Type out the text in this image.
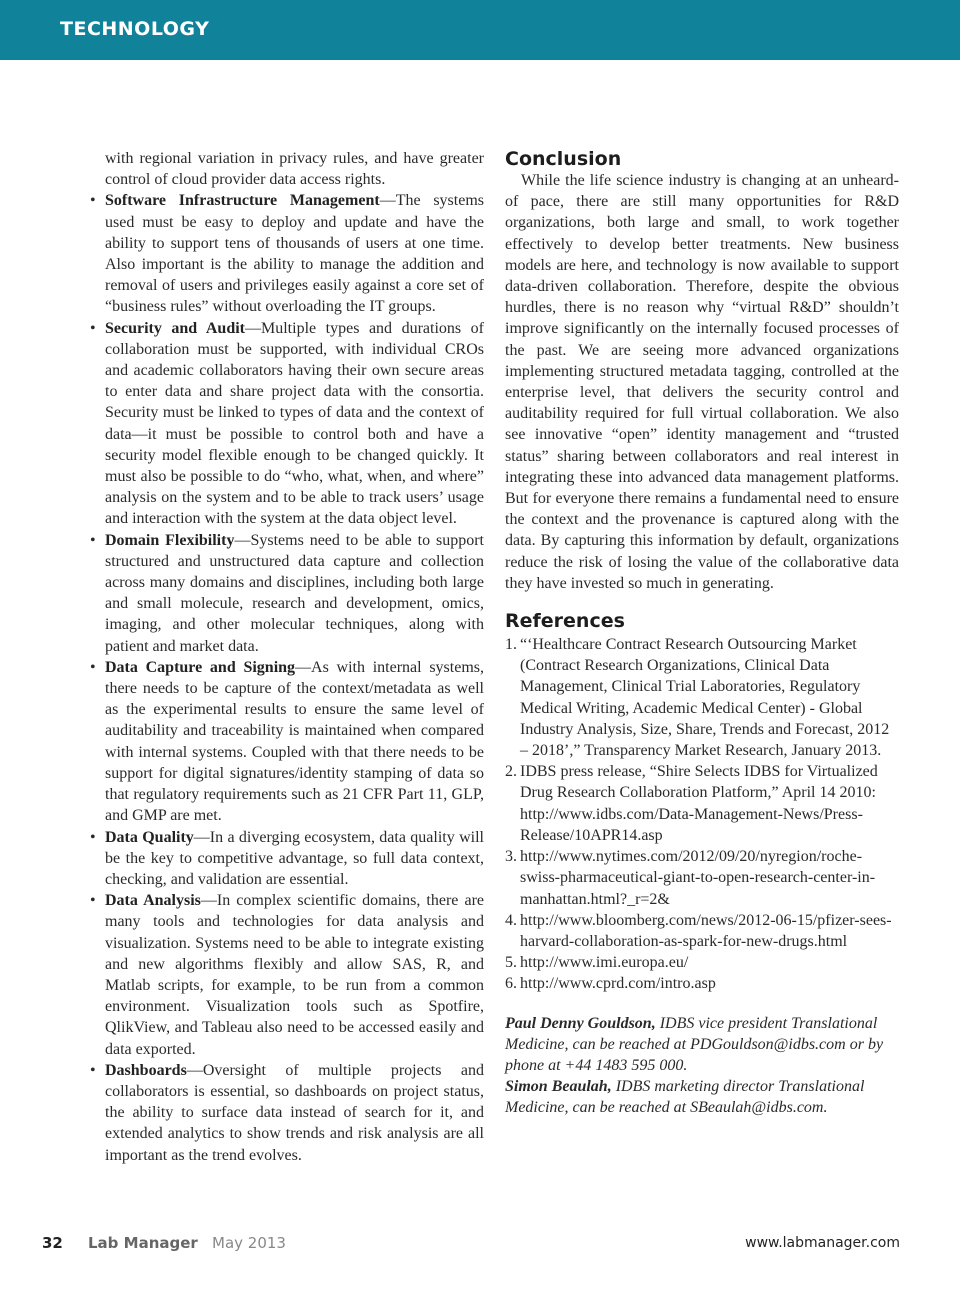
TECHNOLOGY

with regional variation in privacy rules, and have greater control of cloud provider data access rights.

• Software Infrastructure Management—The systems used must be easy to deploy and update and have the ability to support tens of thousands of users at one time. Also important is the ability to manage the addition and removal of users and privileges easily against a core set of “business rules” without overloading the IT groups.
• Security and Audit—Multiple types and durations of collaboration must be supported, with individual CROs and academic collaborators having their own secure areas to enter data and share project data with the consortia. Security must be linked to types of data and the context of data—it must be possible to control both and have a security model flexible enough to be changed quickly. It must also be possible to do “who, what, when, and where” analysis on the system and to be able to track users’ usage and interaction with the system at the data object level.
• Domain Flexibility—Systems need to be able to support structured and unstructured data capture and collection across many domains and disciplines, including both large and small molecule, research and development, omics, imaging, and other molecular techniques, along with patient and market data.
• Data Capture and Signing—As with internal systems, there needs to be capture of the context/metadata as well as the experimental results to ensure the same level of auditability and traceability is maintained when compared with internal systems. Coupled with that there needs to be support for digital signatures/identity stamping of data so that regulatory requirements such as 21 CFR Part 11, GLP, and GMP are met.
• Data Quality—In a diverging ecosystem, data quality will be the key to competitive advantage, so full data context, checking, and validation are essential.
• Data Analysis—In complex scientific domains, there are many tools and technologies for data analysis and visualization. Systems need to be able to integrate existing and new algorithms flexibly and allow SAS, R, and Matlab scripts, for example, to be run from a common environment. Visualization tools such as Spotfire, QlikView, and Tableau also need to be accessed easily and data exported.
• Dashboards—Oversight of multiple projects and collaborators is essential, so dashboards on project status, the ability to surface data instead of search for it, and extended analytics to show trends and risk analysis are all important as the trend evolves.
Conclusion

While the life science industry is changing at an unheard-of pace, there are still many opportunities for R&D organizations, both large and small, to work together effectively to develop better treatments. New business models are here, and technology is now available to support data-driven collaboration. Therefore, despite the obvious hurdles, there is no reason why “virtual R&D” shouldn’t improve significantly on the internally focused processes of the past. We are seeing more advanced organizations implementing structured metadata tagging, controlled at the enterprise level, that delivers the security control and auditability required for full virtual collaboration. We also see innovative “open” identity management and “trusted status” sharing between collaborators and real interest in integrating these into advanced data management platforms. But for everyone there remains a fundamental need to ensure the context and the provenance is captured along with the data. By capturing this information by default, organizations reduce the risk of losing the value of the collaborative data they have invested so much in generating.

References
1. “‘Healthcare Contract Research Outsourcing Market (Contract Research Organizations, Clinical Data Management, Clinical Trial Laboratories, Regulatory Medical Writing, Academic Medical Center) - Global Industry Analysis, Size, Share, Trends and Forecast, 2012 – 2018’,” Transparency Market Research, January 2013.
2. IDBS press release, “Shire Selects IDBS for Virtualized Drug Research Collaboration Platform,” April 14 2010: http://www.idbs.com/Data-Management-News/Press-Release/10APR14.asp
3. http://www.nytimes.com/2012/09/20/nyregion/roche-swiss-pharmaceutical-giant-to-open-research-center-in-manhattan.html?_r=2&
4. http://www.bloomberg.com/news/2012-06-15/pfizer-sees-harvard-collaboration-as-spark-for-new-drugs.html
5. http://www.imi.europa.eu/
6. http://www.cprd.com/intro.asp

Paul Denny Gouldson, IDBS vice president Translational Medicine, can be reached at PDGouldson@idbs.com or by phone at +44 1483 595 000.

Simon Beaulah, IDBS marketing director Translational Medicine, can be reached at SBeaulah@idbs.com.

32 Lab Manager May 2013	www.labmanager.com
